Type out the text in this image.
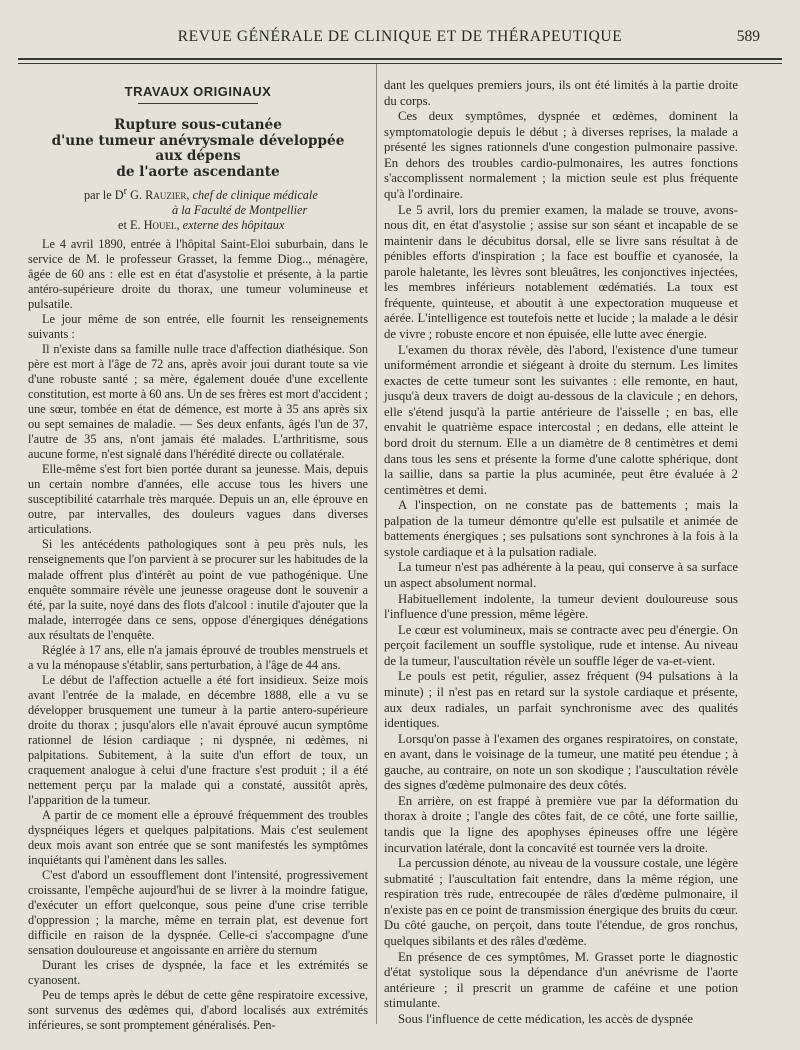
REVUE GÉNÉRALE DE CLINIQUE ET DE THÉRAPEUTIQUE	589
TRAVAUX ORIGINAUX
Rupture sous-cutanée
d'une tumeur anévrysmale développée
aux dépens
de l'aorte ascendante

par le $D^r$ G. Rauzier, chef de clinique médicale

à la Faculté de Montpellier

et E. Houel, externe des hôpitaux

Le 4 avril 1890, entrée à l'hôpital Saint-Eloi suburbain, dans le service de M. le professeur Grasset, la femme Diog.., ménagère, âgée de 60 ans : elle est en état d'asystolie et présente, à la partie antéro-supérieure droite du thorax, une tumeur volumineuse et pulsatile.

Le jour même de son entrée, elle fournit les renseignements suivants :

Il n'existe dans sa famille nulle trace d'affection diathésique. Son père est mort à l'âge de 72 ans, après avoir joui durant toute sa vie d'une robuste santé ; sa mère, également douée d'une excellente constitution, est morte à 60 ans. Un de ses frères est mort d'accident ; une sœur, tombée en état de démence, est morte à 35 ans après six ou sept semaines de maladie. — Ses deux enfants, âgés l'un de 37, l'autre de 35 ans, n'ont jamais été malades. L'arthritisme, sous aucune forme, n'est signalé dans l'hérédité directe ou collatérale.

Elle-même s'est fort bien portée durant sa jeunesse. Mais, depuis un certain nombre d'années, elle accuse tous les hivers une susceptibilité catarrhale très marquée. Depuis un an, elle éprouve en outre, par intervalles, des douleurs vagues dans diverses articulations.

Si les antécédents pathologiques sont à peu près nuls, les renseignements que l'on parvient à se procurer sur les habitudes de la malade offrent plus d'intérêt au point de vue pathogénique. Une enquête sommaire révèle une jeunesse orageuse dont le souvenir a été, par la suite, noyé dans des flots d'alcool : inutile d'ajouter que la malade, interrogée dans ce sens, oppose d'énergiques dénégations aux résultats de l'enquête.

Réglée à 17 ans, elle n'a jamais éprouvé de troubles menstruels et a vu la ménopause s'établir, sans perturbation, à l'âge de 44 ans.

Le début de l'affection actuelle a été fort insidieux. Seize mois avant l'entrée de la malade, en décembre 1888, elle a vu se développer brusquement une tumeur à la partie antero-supérieure droite du thorax ; jusqu'alors elle n'avait éprouvé aucun symptôme rationnel de lésion cardiaque ; ni dyspnée, ni œdèmes, ni palpitations. Subitement, à la suite d'un effort de toux, un craquement analogue à celui d'une fracture s'est produit ; il a été nettement perçu par la malade qui a constaté, aussitôt après, l'apparition de la tumeur.

A partir de ce moment elle a éprouvé fréquemment des troubles dyspnéiques légers et quelques palpitations. Mais c'est seulement deux mois avant son entrée que se sont manifestés les symptômes inquiétants qui l'amènent dans les salles.

C'est d'abord un essoufflement dont l'intensité, progressivement croissante, l'empêche aujourd'hui de se livrer à la moindre fatigue, d'exécuter un effort quelconque, sous peine d'une crise terrible d'oppression ; la marche, même en terrain plat, est devenue fort difficile en raison de la dyspnée. Celle-ci s'accompagne d'une sensation douloureuse et angoissante en arrière du sternum

Durant les crises de dyspnée, la face et les extrémités se cyanosent.

Peu de temps après le début de cette gêne respiratoire excessive, sont survenus des œdèmes qui, d'abord localisés aux extrémités inférieures, se sont promptement généralisés. Pen-

dant les quelques premiers jours, ils ont été limités à la partie droite du corps.

Ces deux symptômes, dyspnée et œdèmes, dominent la symptomatologie depuis le début ; à diverses reprises, la malade a présenté les signes rationnels d'une congestion pulmonaire passive. En dehors des troubles cardio-pulmonaires, les autres fonctions s'accomplissent normalement ; la miction seule est plus fréquente qu'à l'ordinaire.

Le 5 avril, lors du premier examen, la malade se trouve, avons-nous dit, en état d'asystolie ; assise sur son séant et incapable de se maintenir dans le décubitus dorsal, elle se livre sans résultat à de pénibles efforts d'inspiration ; la face est bouffie et cyanosée, la parole haletante, les lèvres sont bleuâtres, les conjonctives injectées, les membres inférieurs notablement œdématiés. La toux est fréquente, quinteuse, et aboutit à une expectoration muqueuse et aérée. L'intelligence est toutefois nette et lucide ; la malade a le désir de vivre ; robuste encore et non épuisée, elle lutte avec énergie.

L'examen du thorax révèle, dès l'abord, l'existence d'une tumeur uniformément arrondie et siégeant à droite du sternum. Les limites exactes de cette tumeur sont les suivantes : elle remonte, en haut, jusqu'à deux travers de doigt au-dessous de la clavicule ; en dehors, elle s'étend jusqu'à la partie antérieure de l'aisselle ; en bas, elle envahit le quatrième espace intercostal ; en dedans, elle atteint le bord droit du sternum. Elle a un diamètre de 8 centimètres et demi dans tous les sens et présente la forme d'une calotte sphérique, dont la saillie, dans sa partie la plus acuminée, peut être évaluée à 2 centimètres et demi.

A l'inspection, on ne constate pas de battements ; mais la palpation de la tumeur démontre qu'elle est pulsatile et animée de battements énergiques ; ses pulsations sont synchrones à la fois à la systole cardiaque et à la pulsation radiale.

La tumeur n'est pas adhérente à la peau, qui conserve à sa surface un aspect absolument normal.

Habituellement indolente, la tumeur devient douloureuse sous l'influence d'une pression, même légère.

Le cœur est volumineux, mais se contracte avec peu d'énergie. On perçoit facilement un souffle systolique, rude et intense. Au niveau de la tumeur, l'auscultation révèle un souffle léger de va-et-vient.

Le pouls est petit, régulier, assez fréquent (94 pulsations à la minute) ; il n'est pas en retard sur la systole cardiaque et présente, aux deux radiales, un parfait synchronisme avec des qualités identiques.

Lorsqu'on passe à l'examen des organes respiratoires, on constate, en avant, dans le voisinage de la tumeur, une matité peu étendue ; à gauche, au contraire, on note un son skodique ; l'auscultation révèle des signes d'œdème pulmonaire des deux côtés.

En arrière, on est frappé à première vue par la déformation du thorax à droite ; l'angle des côtes fait, de ce côté, une forte saillie, tandis que la ligne des apophyses épineuses offre une légère incurvation latérale, dont la concavité est tournée vers la droite.

La percussion dénote, au niveau de la voussure costale, une légère submatité ; l'auscultation fait entendre, dans la même région, une respiration très rude, entrecoupée de râles d'œdème pulmonaire, il n'existe pas en ce point de transmission énergique des bruits du cœur. Du côté gauche, on perçoit, dans toute l'étendue, de gros ronchus, quelques sibilants et des râles d'œdème.

En présence de ces symptômes, M. Grasset porte le diagnostic d'état systolique sous la dépendance d'un anévrisme de l'aorte antérieure ; il prescrit un gramme de caféine et une potion stimulante.

Sous l'influence de cette médication, les accès de dyspnée
